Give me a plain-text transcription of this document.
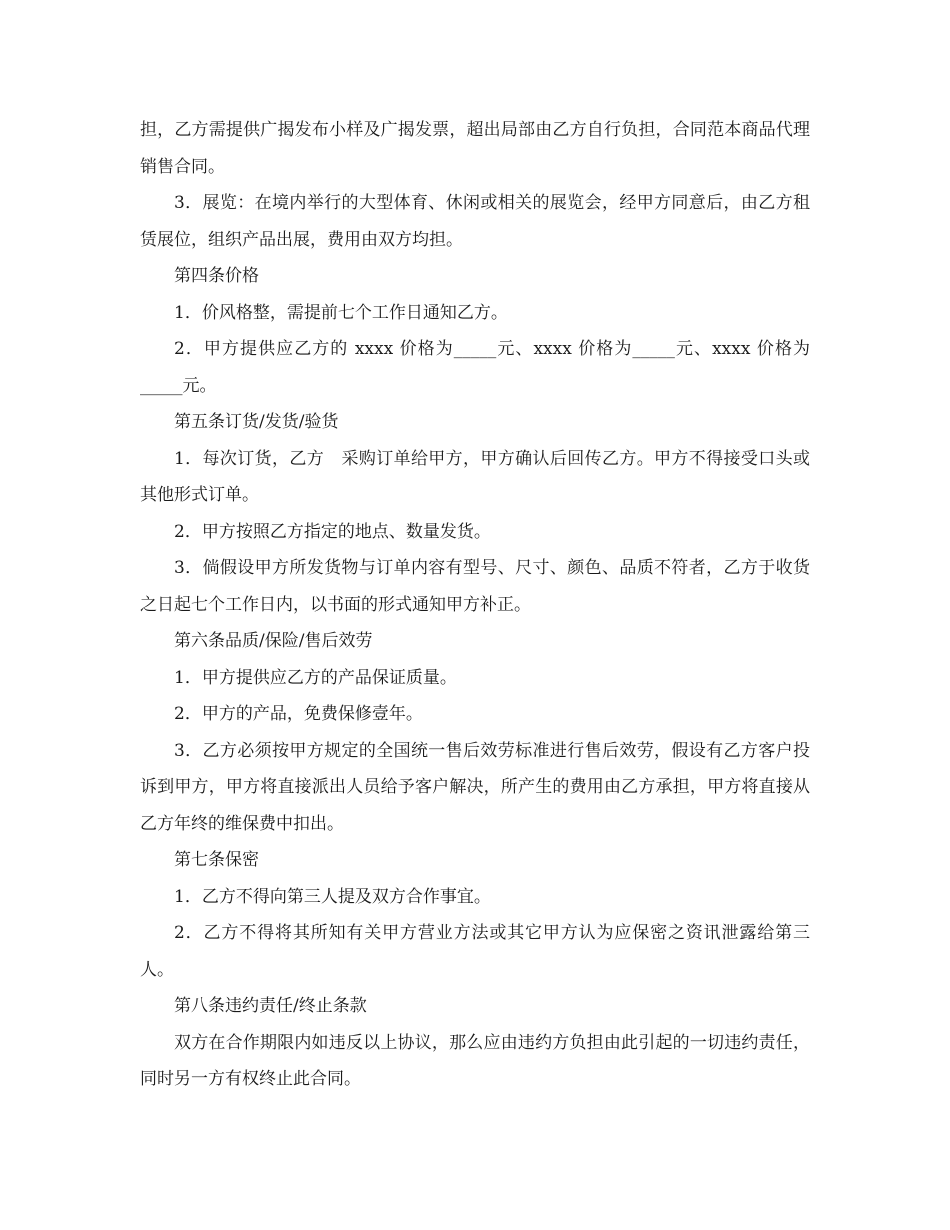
担，乙方需提供广揭发布小样及广揭发票，超出局部由乙方自行负担，合同范本商品代理销售合同。

3．展览：在境内举行的大型体育、休闲或相关的展览会，经甲方同意后，由乙方租赁展位，组织产品出展，费用由双方均担。

第四条价格

1．价风格整，需提前七个工作日通知乙方。

2．甲方提供应乙方的 xxxx 价格为_____元、xxxx 价格为_____元、xxxx 价格为_____元。

第五条订货/发货/验货

1．每次订货，乙方　采购订单给甲方，甲方确认后回传乙方。甲方不得接受口头或其他形式订单。

2．甲方按照乙方指定的地点、数量发货。

3．倘假设甲方所发货物与订单内容有型号、尺寸、颜色、品质不符者，乙方于收货之日起七个工作日内，以书面的形式通知甲方补正。

第六条品质/保险/售后效劳

1．甲方提供应乙方的产品保证质量。

2．甲方的产品，免费保修壹年。

3．乙方必须按甲方规定的全国统一售后效劳标准进行售后效劳，假设有乙方客户投诉到甲方，甲方将直接派出人员给予客户解决，所产生的费用由乙方承担，甲方将直接从乙方年终的维保费中扣出。

第七条保密

1．乙方不得向第三人提及双方合作事宜。

2．乙方不得将其所知有关甲方营业方法或其它甲方认为应保密之资讯泄露给第三人。

第八条违约责任/终止条款

双方在合作期限内如违反以上协议，那么应由违约方负担由此引起的一切违约责任，同时另一方有权终止此合同。
